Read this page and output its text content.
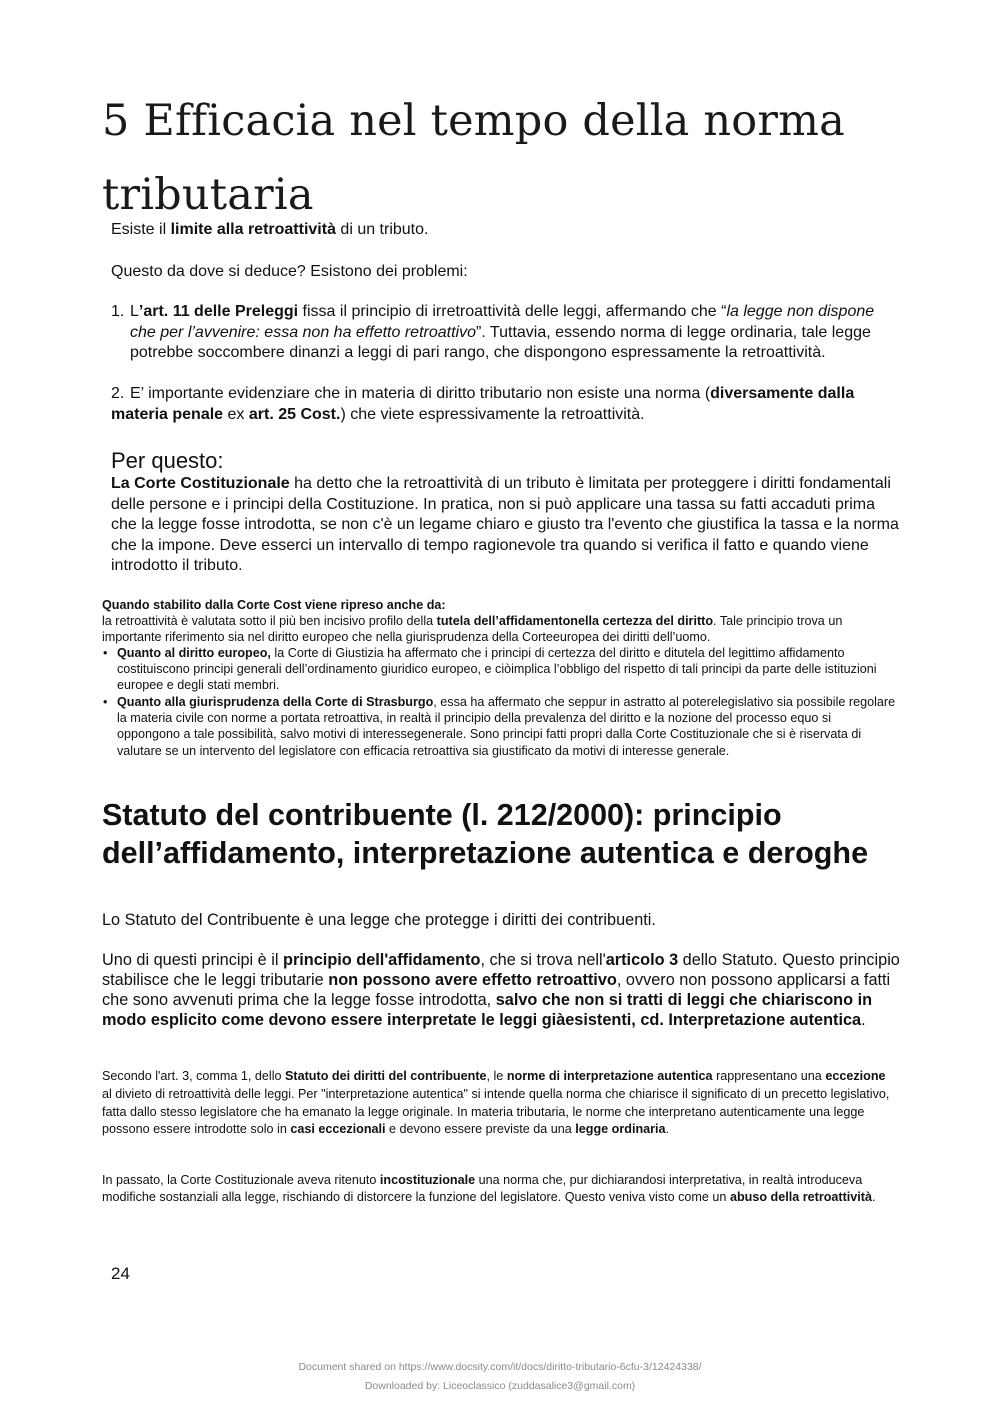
5 Efficacia nel tempo della norma tributaria

Esiste il limite alla retroattività di un tributo.

Questo da dove si deduce? Esistono dei problemi:

1. L’art. 11 delle Preleggi fissa il principio di irretroattività delle leggi, affermando che “la legge non dispone che per l’avvenire: essa non ha effetto retroattivo”. Tuttavia, essendo norma di legge ordinaria, tale legge potrebbe soccombere dinanzi a leggi di pari rango, che dispongono espressamente la retroattività.

2. E’ importante evidenziare che in materia di diritto tributario non esiste una norma (diversamente dalla materia penale ex art. 25 Cost.) che viete espressivamente la retroattività.

Per questo:

La Corte Costituzionale ha detto che la retroattività di un tributo è limitata per proteggere i diritti fondamentali delle persone e i principi della Costituzione. In pratica, non si può applicare una tassa su fatti accaduti prima che la legge fosse introdotta, se non c'è un legame chiaro e giusto tra l'evento che giustifica la tassa e la norma che la impone. Deve esserci un intervallo di tempo ragionevole tra quando si verifica il fatto e quando viene introdotto il tributo.

Quando stabilito dalla Corte Cost viene ripreso anche da:

la retroattività è valutata sotto il più ben incisivo profilo della tutela dell’affidamentonella certezza del diritto. Tale principio trova un importante riferimento sia nel diritto europeo che nella giurisprudenza della Corteeuropea dei diritti dell’uomo.

• Quanto al diritto europeo, la Corte di Giustizia ha affermato che i principi di certezza del diritto e ditutela del legittimo affidamento costituiscono principi generali dell’ordinamento giuridico europeo, e ciòimplica l’obbligo del rispetto di tali principi da parte delle istituzioni europee e degli stati membri.

• Quanto alla giurisprudenza della Corte di Strasburgo, essa ha affermato che seppur in astratto al poterelegislativo sia possibile regolare la materia civile con norme a portata retroattiva, in realtà il principio della prevalenza del diritto e la nozione del processo equo si oppongono a tale possibilità, salvo motivi di interessegenerale. Sono principi fatti propri dalla Corte Costituzionale che si è riservata di valutare se un intervento del legislatore con efficacia retroattiva sia giustificato da motivi di interesse generale.

Statuto del contribuente (l. 212/2000): principio dell’affidamento, interpretazione autentica e deroghe

Lo Statuto del Contribuente è una legge che protegge i diritti dei contribuenti.

Uno di questi principi è il principio dell'affidamento, che si trova nell'articolo 3 dello Statuto. Questo principio stabilisce che le leggi tributarie non possono avere effetto retroattivo, ovvero non possono applicarsi a fatti che sono avvenuti prima che la legge fosse introdotta, salvo che non si tratti di leggi che chiariscono in modo esplicito come devono essere interpretate le leggi giàesistenti, cd. Interpretazione autentica.

Secondo l'art. 3, comma 1, dello Statuto dei diritti del contribuente, le norme di interpretazione autentica rappresentano una eccezione al divieto di retroattività delle leggi. Per "interpretazione autentica" si intende quella norma che chiarisce il significato di un precetto legislativo, fatta dallo stesso legislatore che ha emanato la legge originale. In materia tributaria, le norme che interpretano autenticamente una legge possono essere introdotte solo in casi eccezionali e devono essere previste da una legge ordinaria.

In passato, la Corte Costituzionale aveva ritenuto incostituzionale una norma che, pur dichiarandosi interpretativa, in realtà introduceva modifiche sostanziali alla legge, rischiando di distorcere la funzione del legislatore. Questo veniva visto come un abuso della retroattività.

24

Document shared on https://www.docsity.com/it/docs/diritto-tributario-6cfu-3/12424338/

Downloaded by: Liceoclassico (zuddasalice3@gmail.com)
